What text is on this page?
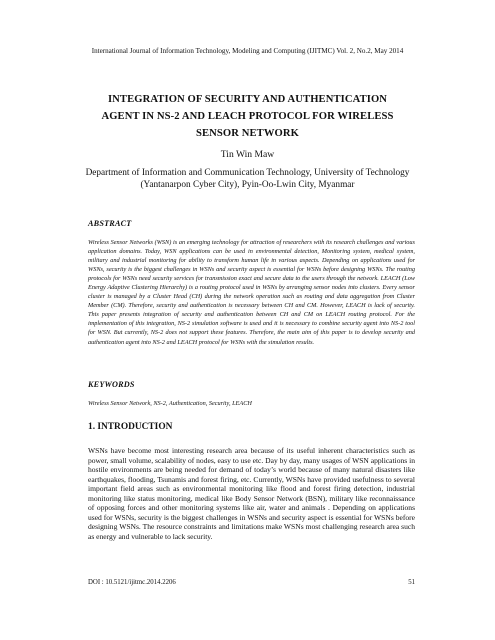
International Journal of Information Technology, Modeling and Computing (IJITMC) Vol. 2, No.2, May 2014
INTEGRATION OF SECURITY AND AUTHENTICATION
AGENT IN NS-2 AND LEACH PROTOCOL FOR WIRELESS
SENSOR NETWORK
Tin Win Maw
Department of Information and Communication Technology, University of Technology
(Yantanarpon Cyber City), Pyin-Oo-Lwin City, Myanmar
ABSTRACT
Wireless Sensor Networks (WSN) is an emerging technology for attraction of researchers with its research challenges and various application domains. Today, WSN applications can be used in environmental detection, Monitoring system, medical system, military and industrial monitoring for ability to transform human life in various aspects. Depending on applications used for WSNs, security is the biggest challenges in WSNs and security aspect is essential for WSNs before designing WSNs. The routing protocols for WSNs need security services for transmission exact and secure data to the users through the network. LEACH (Low Energy Adaptive Clustering Hierarchy) is a routing protocol used in WSNs by arranging sensor nodes into clusters. Every sensor cluster is managed by a Cluster Head (CH) during the network operation such as routing and data aggregation from Cluster Member (CM). Therefore, security and authentication is necessary between CH and CM. However, LEACH is lack of security. This paper presents integration of security and authentication between CH and CM on LEACH routing protocol. For the implementation of this integration, NS-2 simulation software is used and it is necessary to combine security agent into NS-2 tool for WSN. But currently, NS-2 does not support these features. Therefore, the main aim of this paper is to develop security and authentication agent into NS-2 and LEACH protocol for WSNs with the simulation results.
KEYWORDS
Wireless Sensor Network, NS-2, Authentication, Security, LEACH
1. INTRODUCTION
WSNs have become most interesting research area because of its useful inherent characteristics such as power, small volume, scalability of nodes, easy to use etc. Day by day, many usages of WSN applications in hostile environments are being needed for demand of today’s world because of many natural disasters like earthquakes, flooding, Tsunamis and forest firing, etc. Currently, WSNs have provided usefulness to several important field areas such as environmental monitoring like flood and forest firing detection, industrial monitoring like status monitoring, medical like Body Sensor Network (BSN), military like reconnaissance of opposing forces and other monitoring systems like air, water and animals . Depending on applications used for WSNs, security is the biggest challenges in WSNs and security aspect is essential for WSNs before designing WSNs. The resource constraints and limitations make WSNs most challenging research area such as energy and vulnerable to lack security.
DOI : 10.5121/ijitmc.2014.2206	51
